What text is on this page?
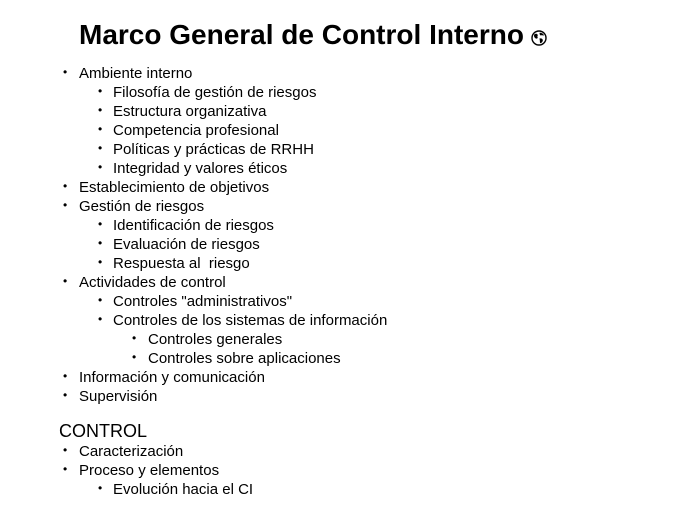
Marco General de Control Interno
• Ambiente interno
• Filosofía de gestión de riesgos
• Estructura organizativa
• Competencia profesional
• Políticas y prácticas de RRHH
• Integridad y valores éticos
• Establecimiento de objetivos
• Gestión de riesgos
• Identificación de riesgos
• Evaluación de riesgos
• Respuesta al  riesgo
• Actividades de control
• Controles "administrativos"
• Controles de los sistemas de información
• Controles generales
• Controles sobre aplicaciones
• Información y comunicación
• Supervisión
CONTROL
• Caracterización
• Proceso y elementos
• Evolución hacia el CI
